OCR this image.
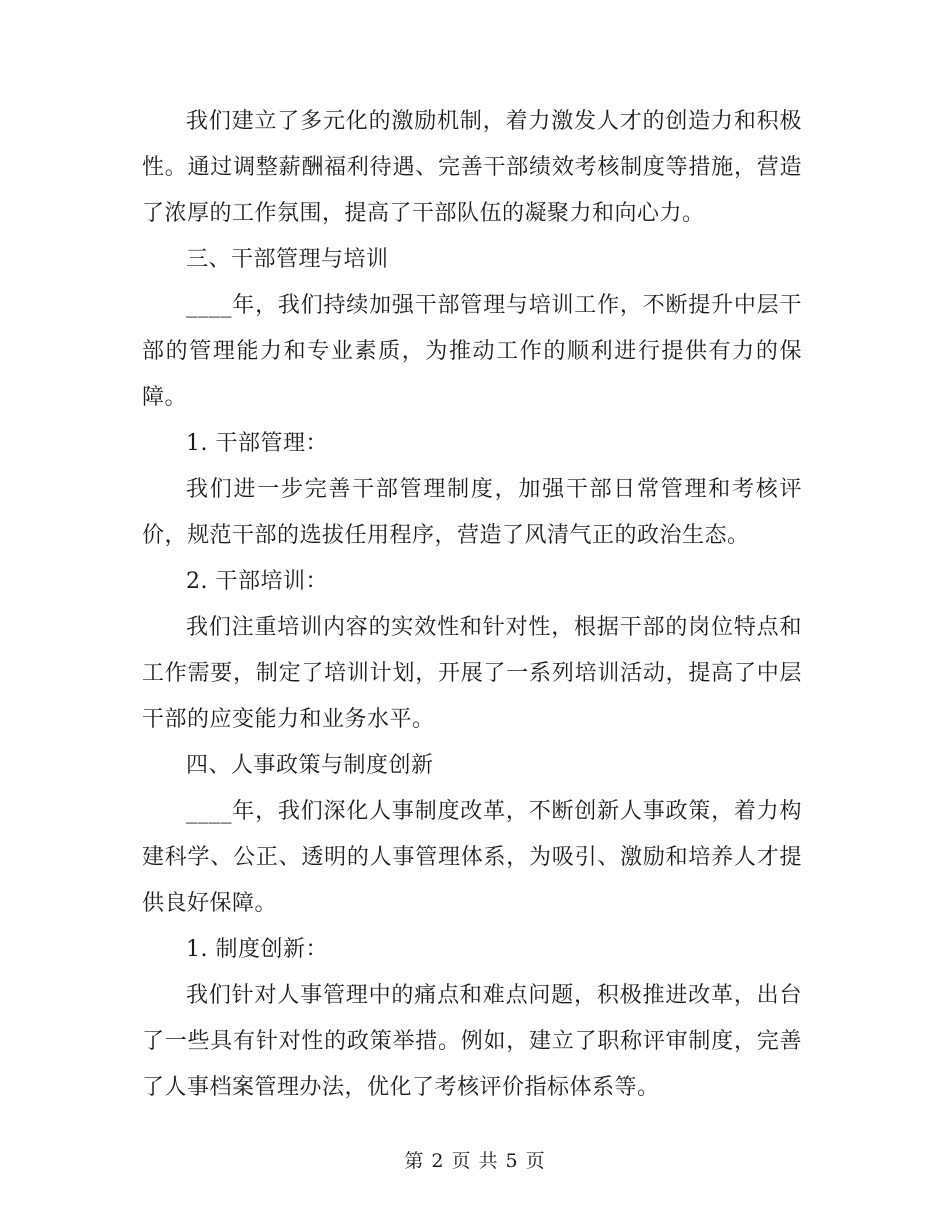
我们建立了多元化的激励机制，着力激发人才的创造力和积极性。通过调整薪酬福利待遇、完善干部绩效考核制度等措施，营造了浓厚的工作氛围，提高了干部队伍的凝聚力和向心力。

三、干部管理与培训

____年，我们持续加强干部管理与培训工作，不断提升中层干部的管理能力和专业素质，为推动工作的顺利进行提供有力的保障。

1. 干部管理：

我们进一步完善干部管理制度，加强干部日常管理和考核评价，规范干部的选拔任用程序，营造了风清气正的政治生态。

2. 干部培训：

我们注重培训内容的实效性和针对性，根据干部的岗位特点和工作需要，制定了培训计划，开展了一系列培训活动，提高了中层干部的应变能力和业务水平。

四、人事政策与制度创新

____年，我们深化人事制度改革，不断创新人事政策，着力构建科学、公正、透明的人事管理体系，为吸引、激励和培养人才提供良好保障。

1. 制度创新：

我们针对人事管理中的痛点和难点问题，积极推进改革，出台了一些具有针对性的政策举措。例如，建立了职称评审制度，完善了人事档案管理办法，优化了考核评价指标体系等。

第 2 页 共 5 页
